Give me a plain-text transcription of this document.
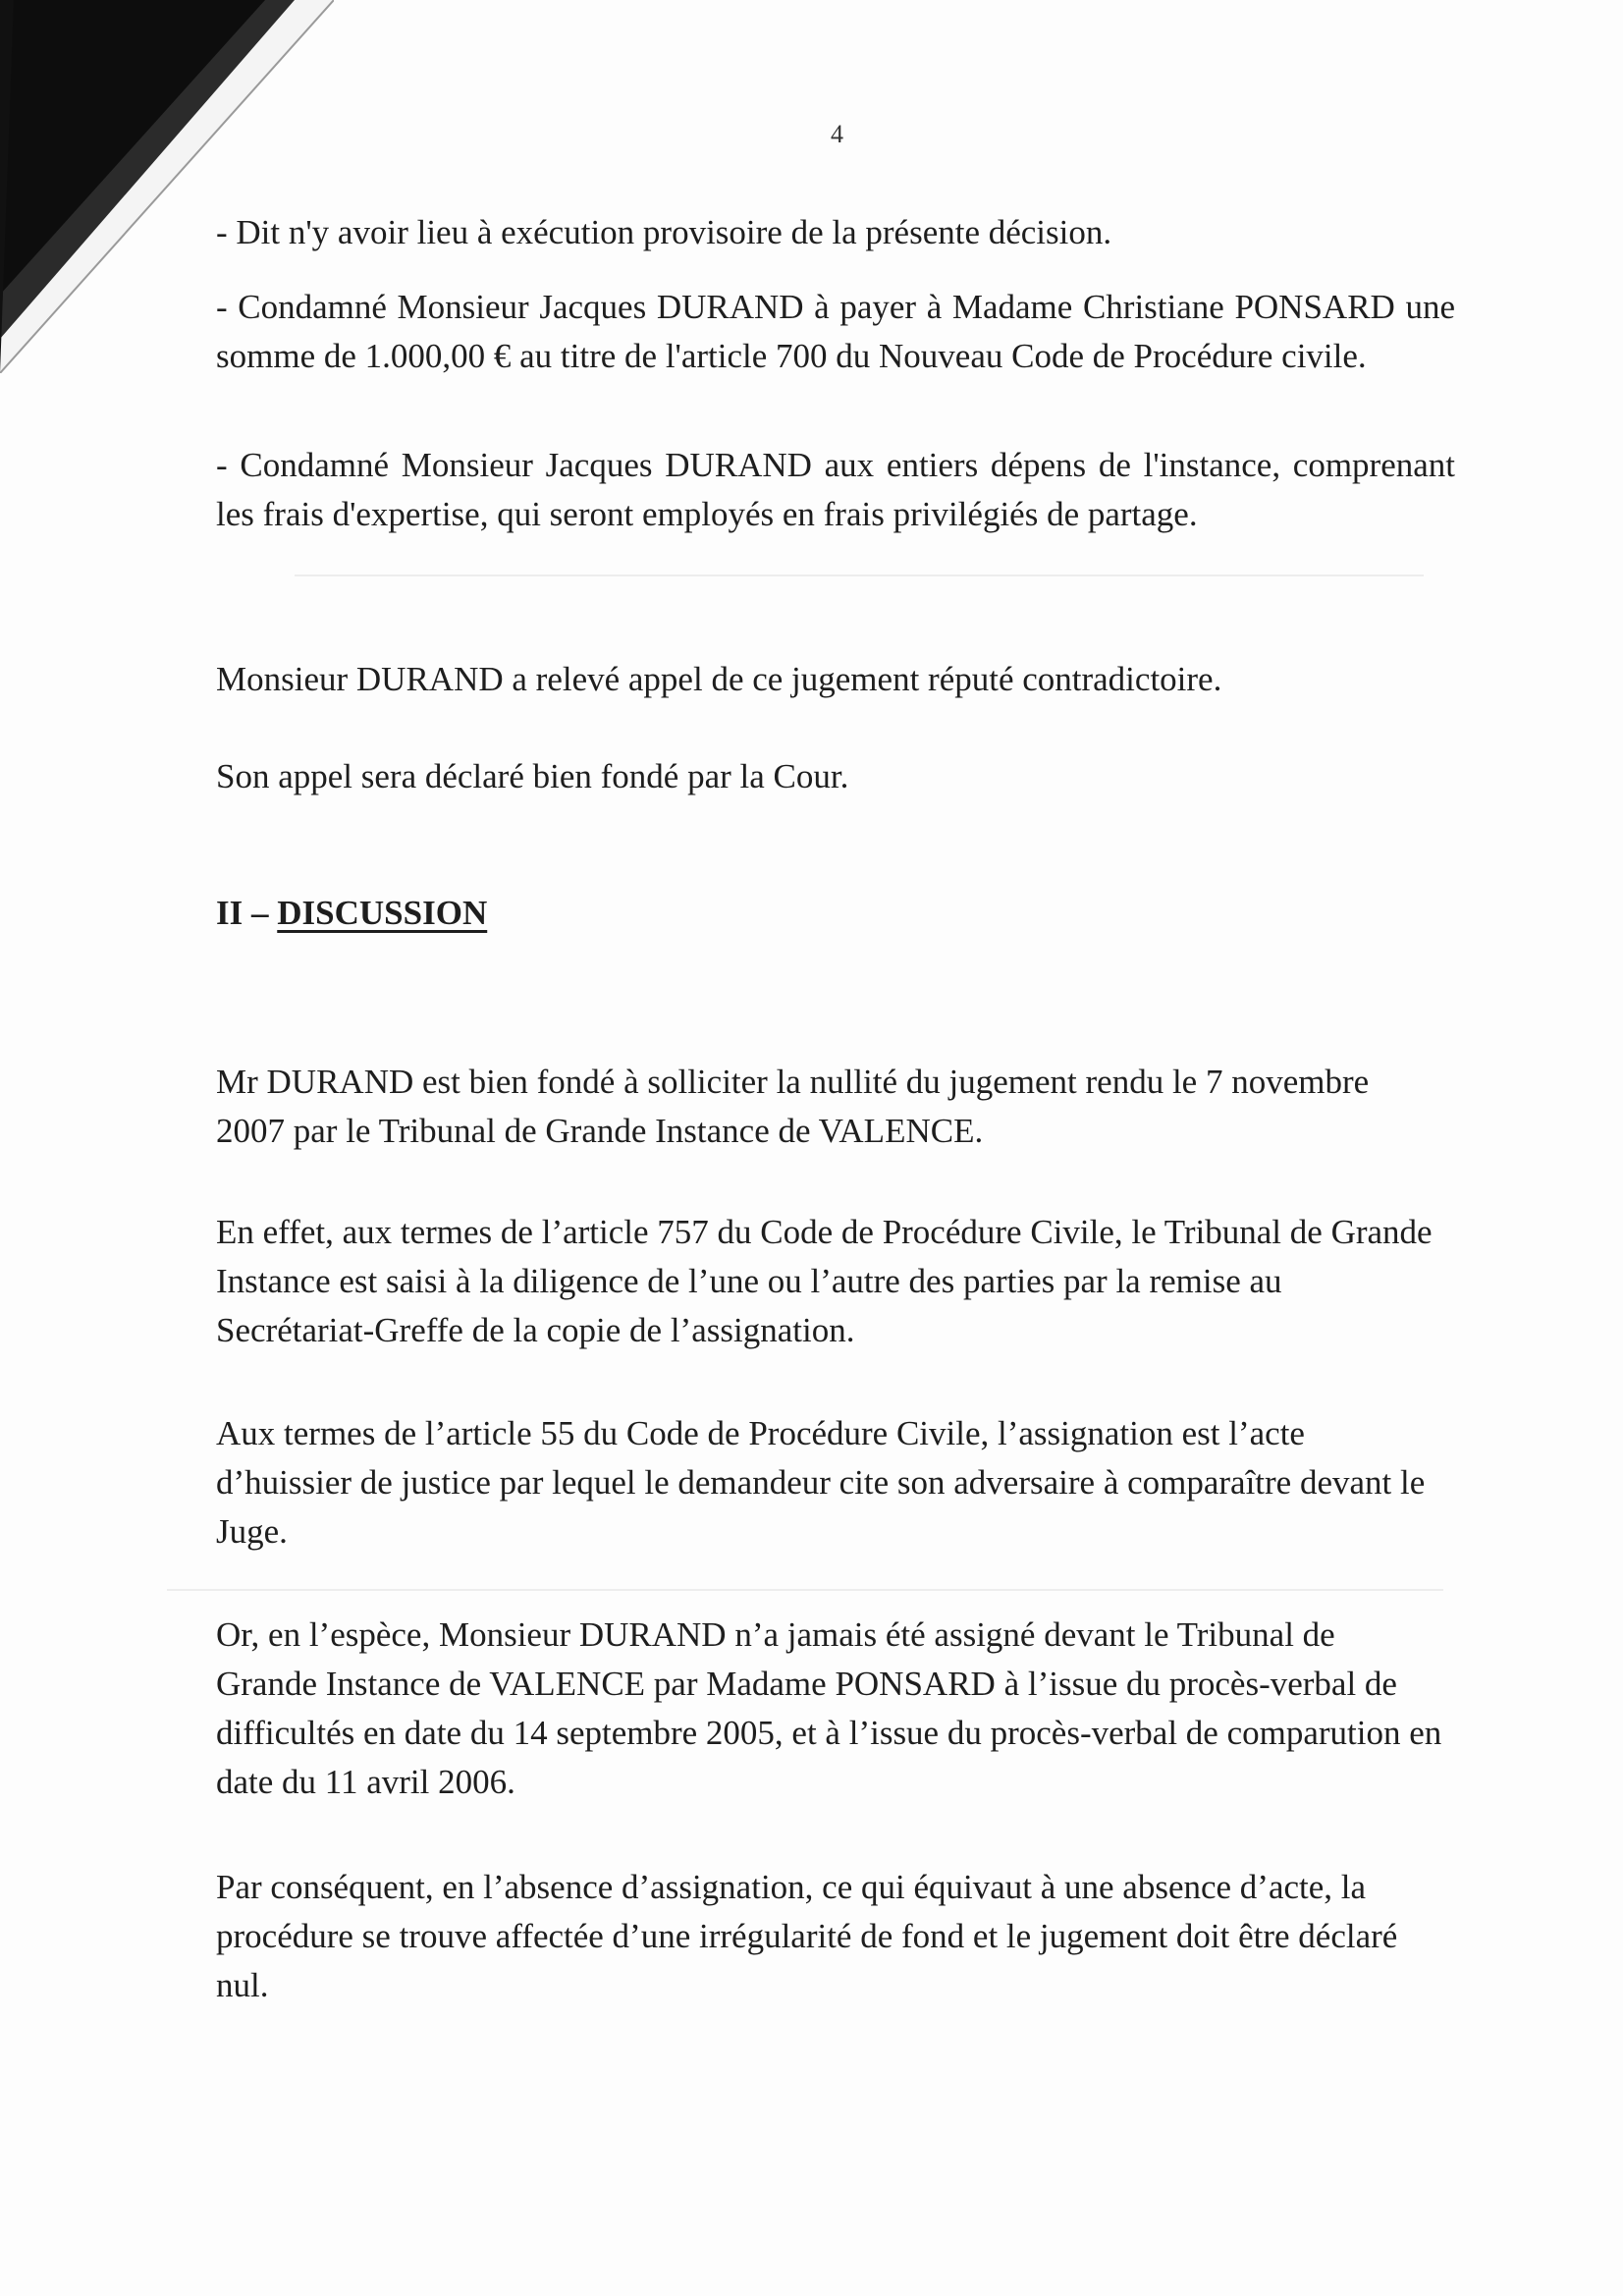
4
- Dit n'y avoir lieu à exécution provisoire de la présente décision.
- Condamné Monsieur Jacques DURAND à payer à Madame Christiane PONSARD une somme de 1.000,00 € au titre de l'article 700 du Nouveau Code de Procédure civile.
- Condamné Monsieur Jacques DURAND aux entiers dépens de l'instance, comprenant les frais d'expertise, qui seront employés en frais privilégiés de partage.
Monsieur DURAND a relevé appel de ce jugement réputé contradictoire.
Son appel sera déclaré bien fondé par la Cour.
II – DISCUSSION
Mr DURAND est bien fondé à solliciter la nullité du jugement rendu le 7 novembre 2007 par le Tribunal de Grande Instance de VALENCE.
En effet, aux termes de l’article 757 du Code de Procédure Civile, le Tribunal de Grande Instance est saisi à la diligence de l’une ou l’autre des parties par la remise au Secrétariat-Greffe de la copie de l’assignation.
Aux termes de l’article 55 du Code de Procédure Civile, l’assignation est l’acte d’huissier de justice par lequel le demandeur cite son adversaire à comparaître devant le Juge.
Or, en l’espèce, Monsieur DURAND n’a jamais été assigné devant le Tribunal de Grande Instance de VALENCE par Madame PONSARD à l’issue du procès-verbal de difficultés en date du 14 septembre 2005, et à l’issue du procès-verbal de comparution en date du 11 avril 2006.
Par conséquent, en l’absence d’assignation, ce qui équivaut à une absence d’acte, la procédure se trouve affectée d’une irrégularité de fond et le jugement doit être déclaré nul.
